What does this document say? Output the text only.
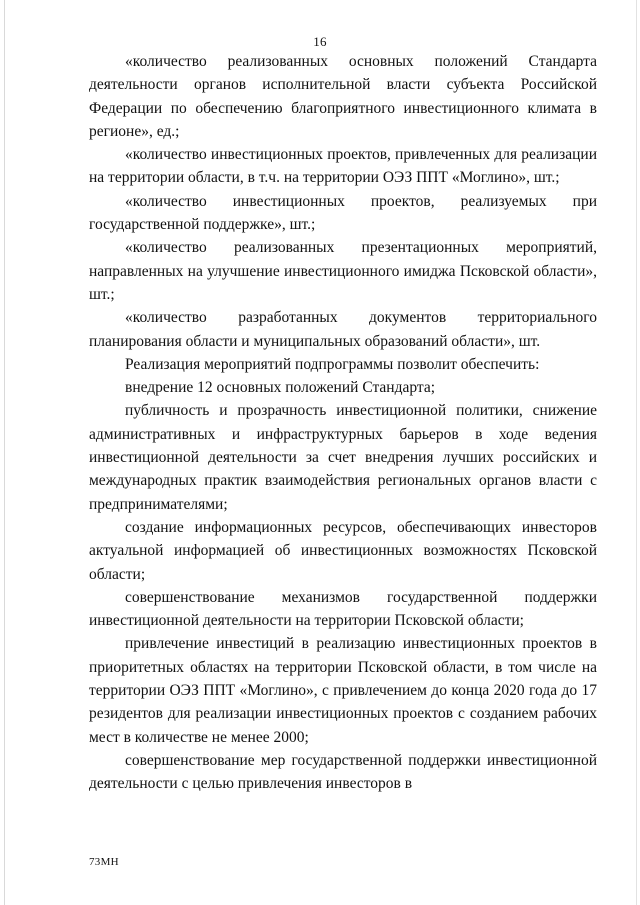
16

«количество реализованных основных положений Стандарта деятельности органов исполнительной власти субъекта Российской Федерации по обеспечению благоприятного инвестиционного климата в регионе», ед.;

«количество инвестиционных проектов, привлеченных для реализации на территории области, в т.ч. на территории ОЭЗ ППТ «Моглино», шт.;

«количество инвестиционных проектов, реализуемых при государственной поддержке», шт.;

«количество реализованных презентационных мероприятий, направленных на улучшение инвестиционного имиджа Псковской области», шт.;

«количество разработанных документов территориального планирования области и муниципальных образований области», шт.

Реализация мероприятий подпрограммы позволит обеспечить:

внедрение 12 основных положений Стандарта;

публичность и прозрачность инвестиционной политики, снижение административных и инфраструктурных барьеров в ходе ведения инвестиционной деятельности за счет внедрения лучших российских и международных практик взаимодействия региональных органов власти с предпринимателями;

создание информационных ресурсов, обеспечивающих инвесторов актуальной информацией об инвестиционных возможностях Псковской области;

совершенствование механизмов государственной поддержки инвестиционной деятельности на территории Псковской области;

привлечение инвестиций в реализацию инвестиционных проектов в приоритетных областях на территории Псковской области, в том числе на территории ОЭЗ ППТ «Моглино», с привлечением до конца 2020 года до 17 резидентов для реализации инвестиционных проектов с созданием рабочих мест в количестве не менее 2000;

совершенствование мер государственной поддержки инвестиционной деятельности с целью привлечения инвесторов в

73МН
